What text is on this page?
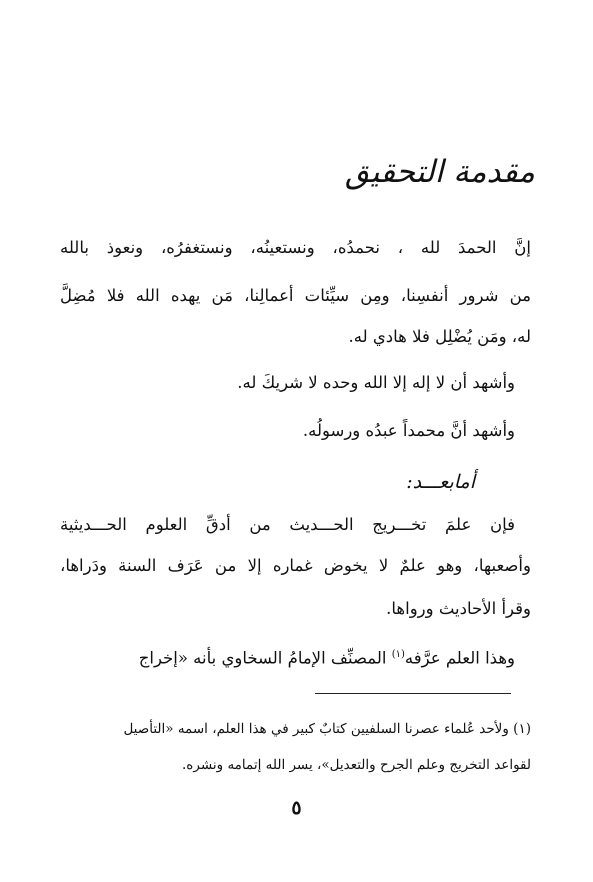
مقدمة التحقيق
إنَّ الحمدَ لله ، نحمدُه، ونستعينُه، ونستغفرُه، ونعوذ بالله
من شرور أنفسِنا، ومِن سيِّئات أعمالِنا، مَن يهده الله فلا مُضِلَّ
له، ومَن يُضْلِل فلا هادي له.
وأشهد أن لا إله إلا الله وحده لا شريكَ له.
وأشهد أنَّ محمداً عبدُه ورسولُه.
أمابعـــد:
فإن علمَ تخـــريج الحـــديث من أدقِّ العلوم الحـــديثية
وأصعبها، وهو علمٌ لا يخوض غماره إلا من عَرَف السنة ودَراها،
وقرأ الأحاديث ورواها.
وهذا العلم عرَّفه$^{(١)}$ المصنِّف الإمامُ السخاوي بأنه «إخراج
(١) ولأحد عُلماء عصرنا السلفيين كتابٌ كبير في هذا العلم، اسمه «التأصيل
لقواعد التخريج وعلم الجرح والتعديل»، يسر الله إتمامه ونشره.
٥
